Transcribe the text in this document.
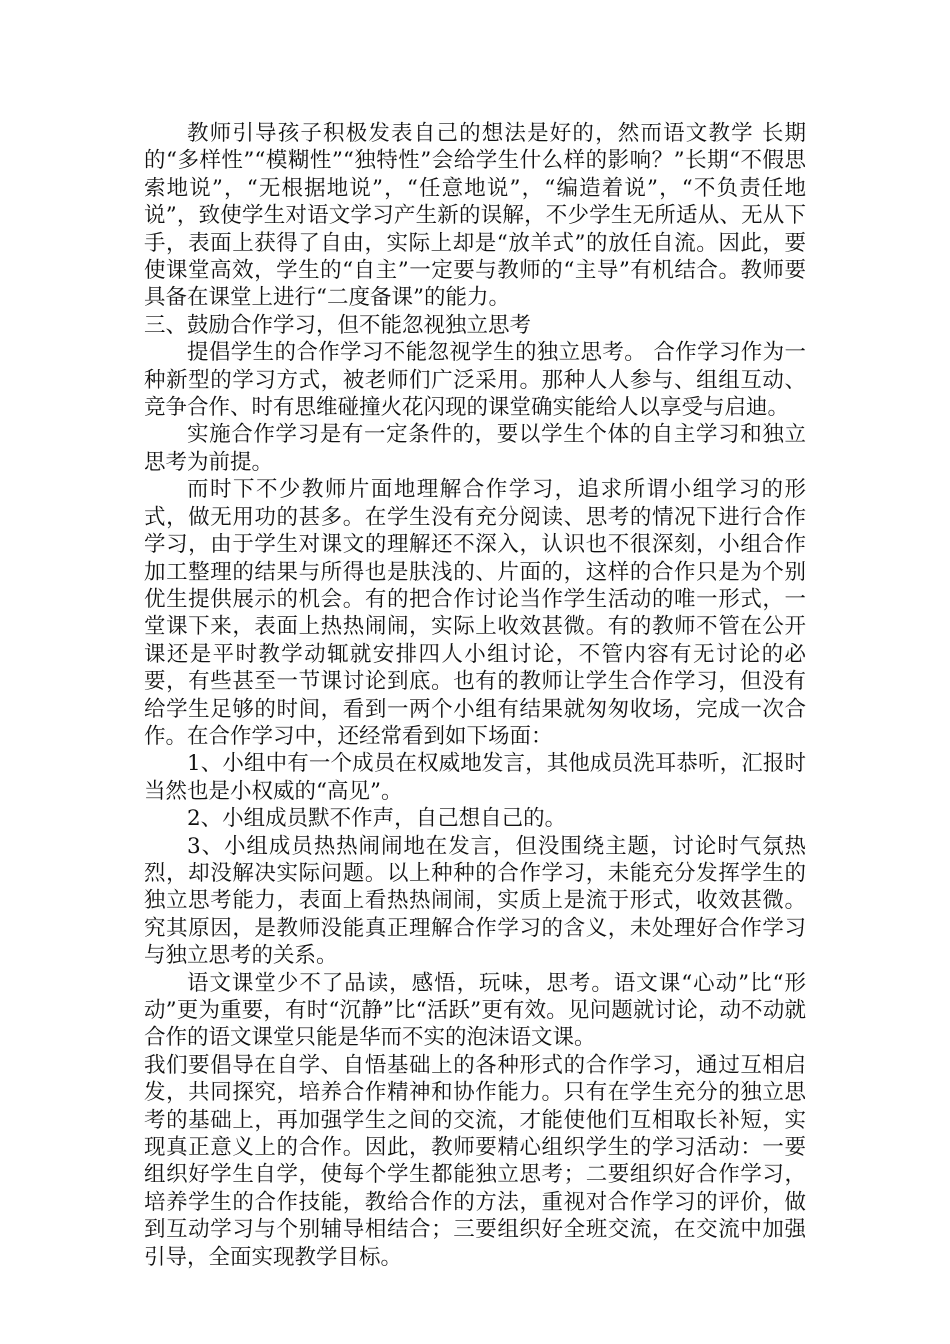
教师引导孩子积极发表自己的想法是好的，然而语文教学 长期的“多样性”“模糊性”“独特性”会给学生什么样的影响？”长期“不假思索地说”，“无根据地说”，“任意地说”，“编造着说”，“不负责任地说”，致使学生对语文学习产生新的误解，不少学生无所适从、无从下手，表面上获得了自由，实际上却是“放羊式”的放任自流。因此，要使课堂高效，学生的“自主”一定要与教师的“主导”有机结合。教师要具备在课堂上进行“二度备课”的能力。

三、鼓励合作学习，但不能忽视独立思考

提倡学生的合作学习不能忽视学生的独立思考。 合作学习作为一种新型的学习方式，被老师们广泛采用。那种人人参与、组组互动、竞争合作、时有思维碰撞火花闪现的课堂确实能给人以享受与启迪。

实施合作学习是有一定条件的，要以学生个体的自主学习和独立思考为前提。

而时下不少教师片面地理解合作学习，追求所谓小组学习的形式，做无用功的甚多。在学生没有充分阅读、思考的情况下进行合作学习，由于学生对课文的理解还不深入，认识也不很深刻，小组合作加工整理的结果与所得也是肤浅的、片面的，这样的合作只是为个别优生提供展示的机会。有的把合作讨论当作学生活动的唯一形式，一堂课下来，表面上热热闹闹，实际上收效甚微。有的教师不管在公开课还是平时教学动辄就安排四人小组讨论，不管内容有无讨论的必要，有些甚至一节课讨论到底。也有的教师让学生合作学习，但没有给学生足够的时间，看到一两个小组有结果就匆匆收场，完成一次合作。在合作学习中，还经常看到如下场面：

1、小组中有一个成员在权威地发言，其他成员洗耳恭听，汇报时当然也是小权威的“高见”。

2、小组成员默不作声，自己想自己的。

3、小组成员热热闹闹地在发言，但没围绕主题，讨论时气氛热烈，却没解决实际问题。以上种种的合作学习，未能充分发挥学生的独立思考能力，表面上看热热闹闹，实质上是流于形式，收效甚微。究其原因，是教师没能真正理解合作学习的含义，未处理好合作学习与独立思考的关系。

语文课堂少不了品读，感悟，玩味，思考。语文课“心动”比“形动”更为重要，有时“沉静”比“活跃”更有效。见问题就讨论，动不动就合作的语文课堂只能是华而不实的泡沫语文课。

我们要倡导在自学、自悟基础上的各种形式的合作学习，通过互相启发，共同探究，培养合作精神和协作能力。只有在学生充分的独立思考的基础上，再加强学生之间的交流，才能使他们互相取长补短，实现真正意义上的合作。因此，教师要精心组织学生的学习活动：一要组织好学生自学，使每个学生都能独立思考；二要组织好合作学习，培养学生的合作技能，教给合作的方法，重视对合作学习的评价，做到互动学习与个别辅导相结合；三要组织好全班交流，在交流中加强引导，全面实现教学目标。
